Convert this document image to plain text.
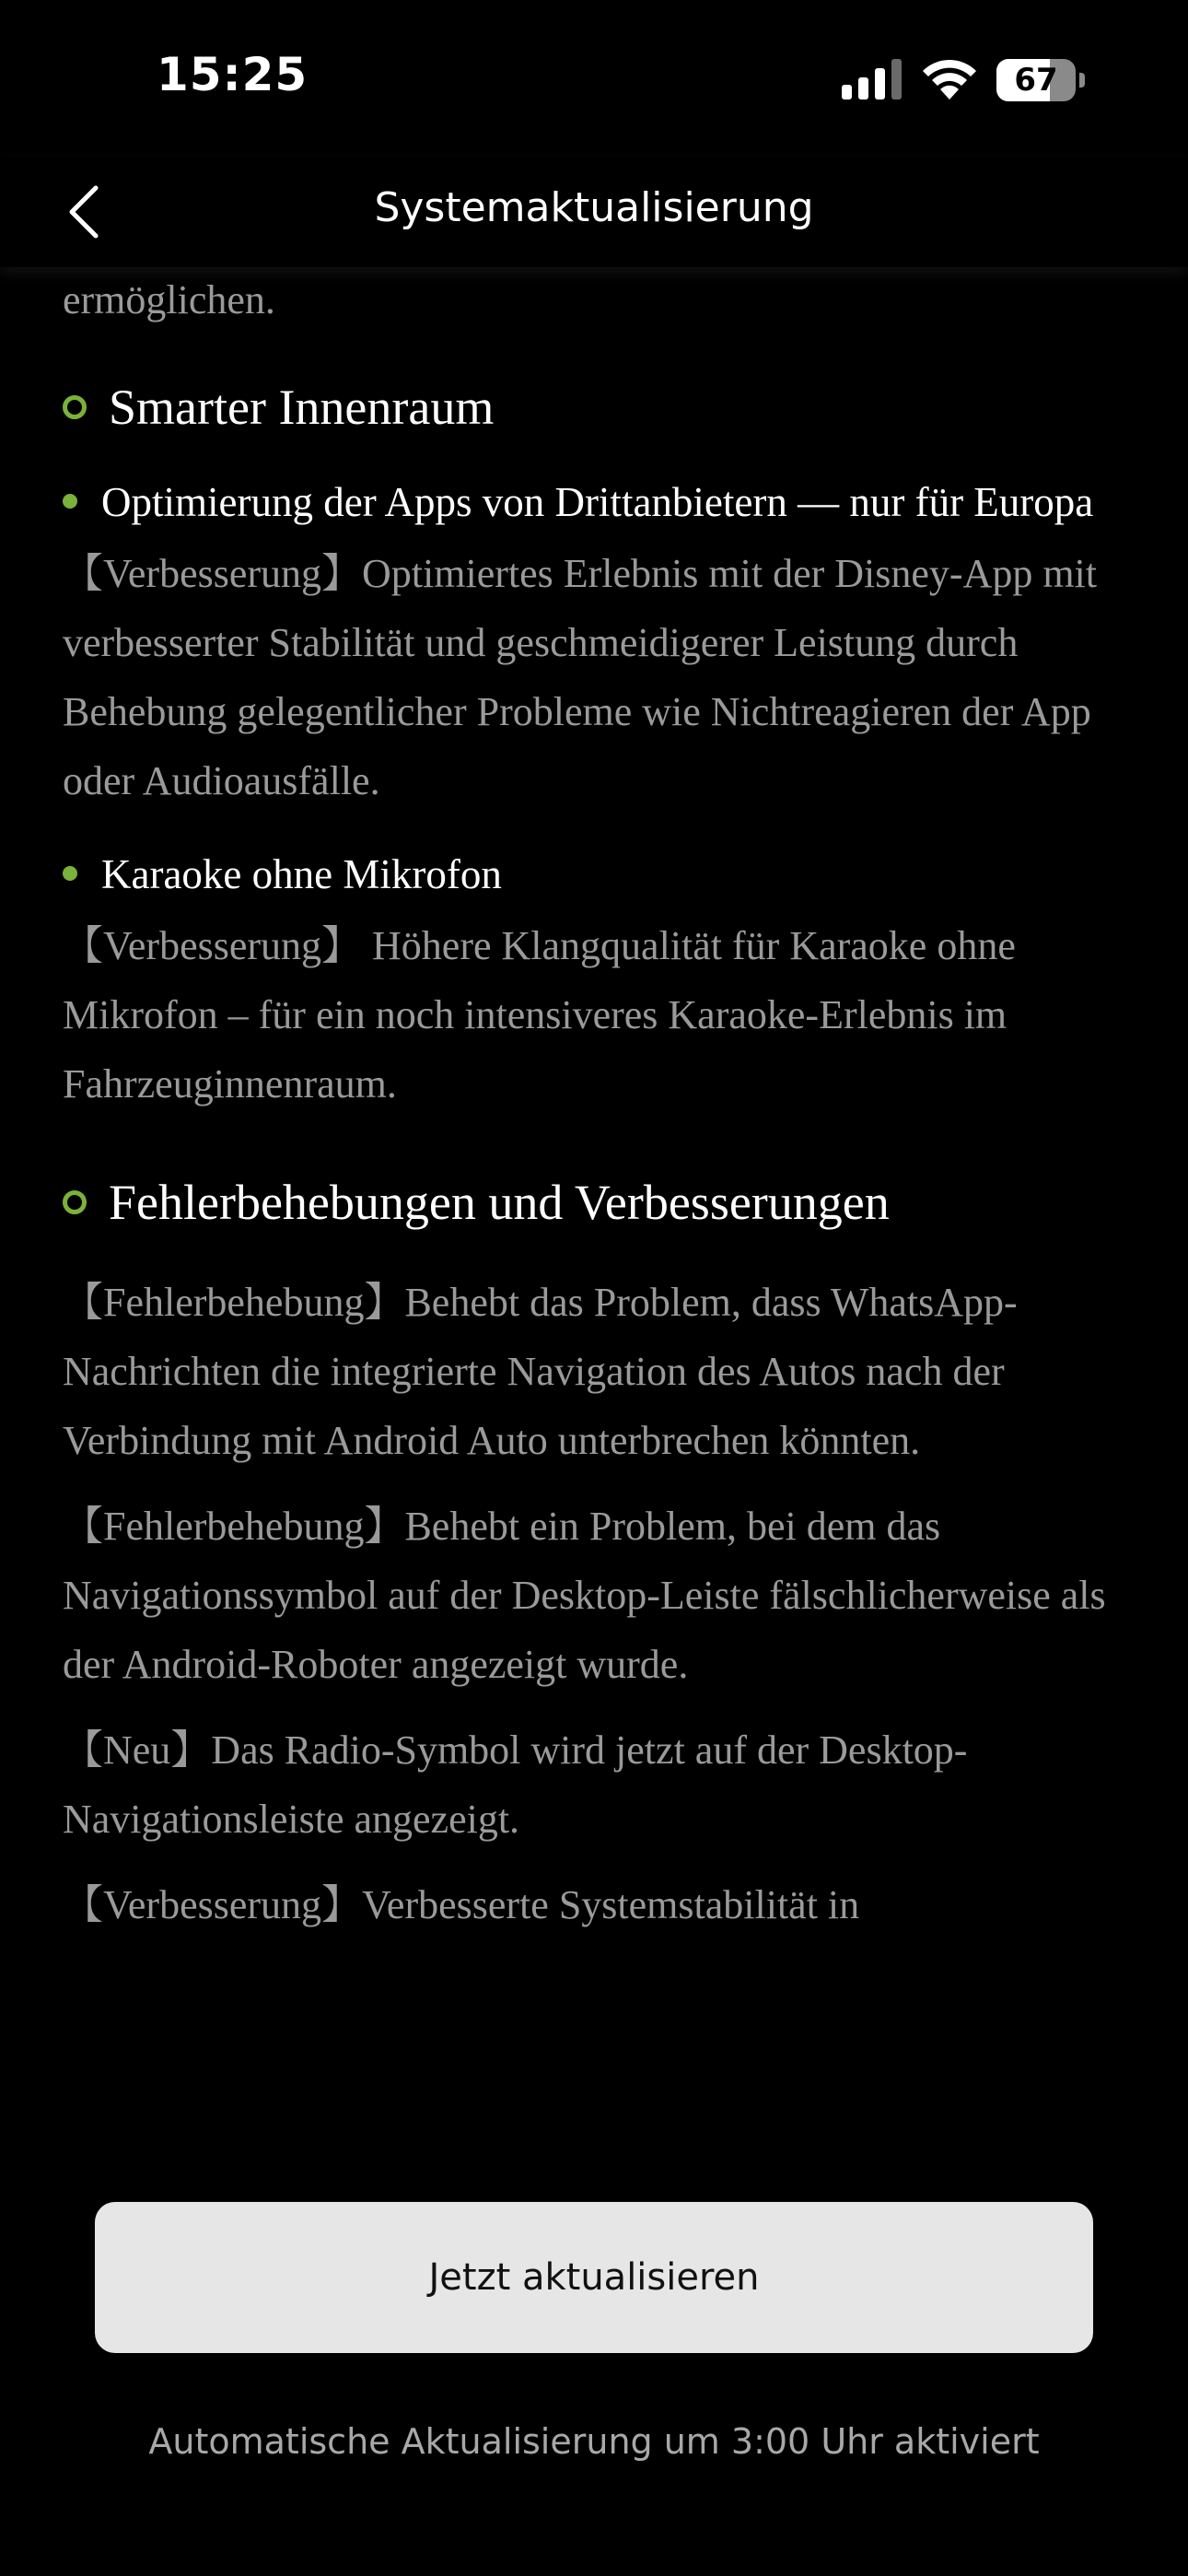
15:25	67
Systemaktualisierung

ermöglichen.

Smarter Innenraum

Optimierung der Apps von Drittanbietern — nur für Europa

【Verbesserung】Optimiertes Erlebnis mit der Disney-App mit verbesserter Stabilität und geschmeidigerer Leistung durch Behebung gelegentlicher Probleme wie Nichtreagieren der App oder Audioausfälle.

Karaoke ohne Mikrofon

【Verbesserung】 Höhere Klangqualität für Karaoke ohne Mikrofon – für ein noch intensiveres Karaoke-Erlebnis im Fahrzeuginnenraum.

Fehlerbehebungen und Verbesserungen

【Fehlerbehebung】Behebt das Problem, dass WhatsApp-Nachrichten die integrierte Navigation des Autos nach der Verbindung mit Android Auto unterbrechen könnten.

【Fehlerbehebung】Behebt ein Problem, bei dem das Navigationssymbol auf der Desktop-Leiste fälschlicherweise als der Android-Roboter angezeigt wurde.

【Neu】Das Radio-Symbol wird jetzt auf der Desktop-Navigationsleiste angezeigt.

【Verbesserung】Verbesserte Systemstabilität in

Jetzt aktualisieren
Automatische Aktualisierung um 3:00 Uhr aktiviert
